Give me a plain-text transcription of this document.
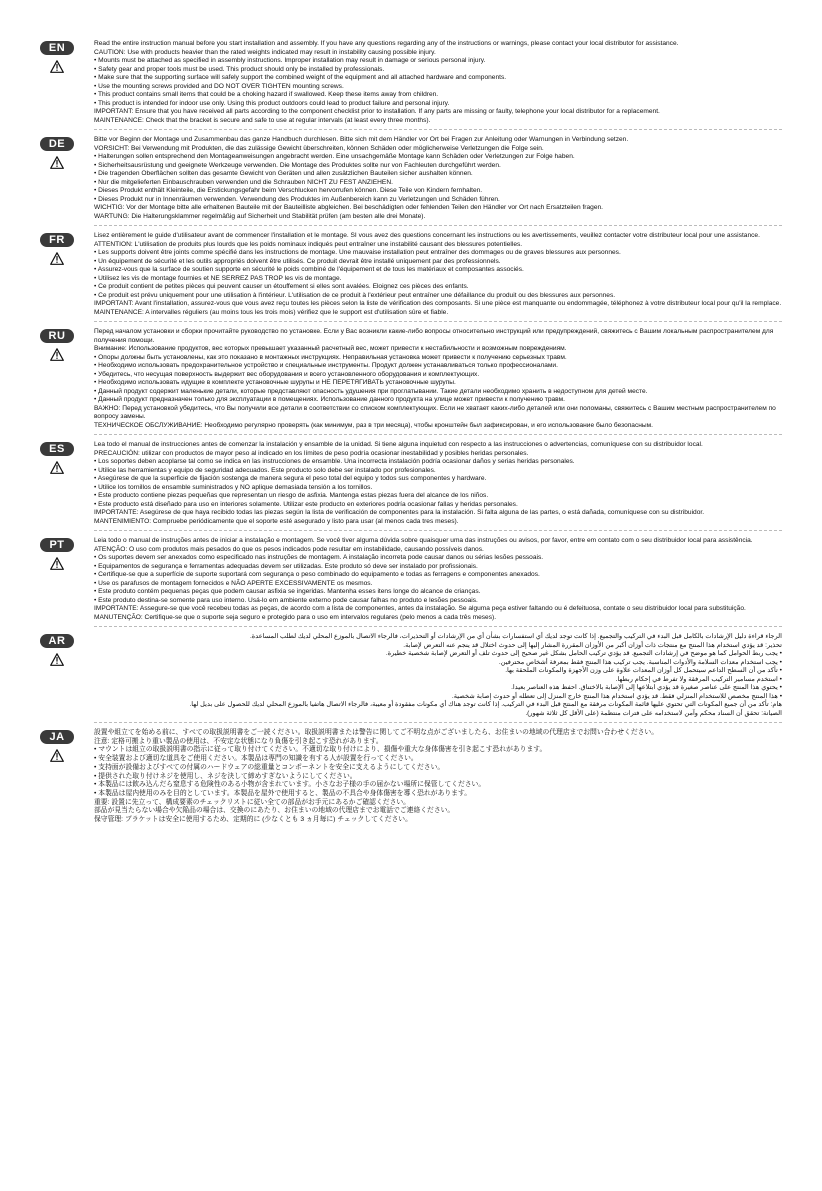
EN	Read the entire instruction manual before you start installation and assembly. If you have any questions regarding any of the instructions or warnings, please contact your local distributor for assistance.
CAUTION: Use with products heavier than the rated weights indicated may result in instability causing possible injury.
• Mounts must be attached as specified in assembly instructions. Improper installation may result in damage or serious personal injury.
• Safety gear and proper tools must be used. This product should only be installed by professionals.
• Make sure that the supporting surface will safely support the combined weight of the equipment and all attached hardware and components.
• Use the mounting screws provided and DO NOT OVER TIGHTEN mounting screws.
• This product contains small items that could be a choking hazard if swallowed. Keep these items away from children.
• This product is intended for indoor use only. Using this product outdoors could lead to product failure and personal injury.
IMPORTANT: Ensure that you have received all parts according to the component checklist prior to installation. If any parts are missing or faulty, telephone your local distributor for a replacement.
MAINTENANCE: Check that the bracket is secure and safe to use at regular intervals (at least every three months).
DE	Bitte vor Beginn der Montage und Zusammenbau das ganze Handbuch durchlesen. Bitte sich mit dem Händler vor Ort bei Fragen zur Anleitung oder Warnungen in Verbindung setzen.
VORSICHT: Bei Verwendung mit Produkten, die das zulässige Gewicht überschreiten, können Schäden oder möglicherweise Verletzungen die Folge sein.
• Halterungen sollen entsprechend den Montageanweisungen angebracht werden. Eine unsachgemäße Montage kann Schäden oder Verletzungen zur Folge haben.
• Sicherheitsausrüstung und geeignete Werkzeuge verwenden. Die Montage des Produktes sollte nur von Fachleuten durchgeführt werden.
• Die tragenden Oberflächen sollten das gesamte Gewicht von Geräten und allen zusätzlichen Bauteilen sicher aushalten können.
• Nur die mitgelieferten Einbauschrauben verwenden und die Schrauben NICHT ZU FEST ANZIEHEN.
• Dieses Produkt enthält Kleinteile, die Erstickungsgefahr beim Verschlucken hervorrufen können. Diese Teile von Kindern fernhalten.
• Dieses Produkt nur in Innenräumen verwenden. Verwendung des Produktes im Außenbereich kann zu Verletzungen und Schäden führen.
WICHTIG: Vor der Montage bitte alle erhaltenen Bauteile mit der Bauteilliste abgleichen. Bei beschädigten oder fehlenden Teilen den Händler vor Ort nach Ersatzteilen fragen.
WARTUNG: Die Halterungsklammer regelmäßig auf Sicherheit und Stabilität prüfen (am besten alle drei Monate).
FR	Lisez entièrement le guide d'utilisateur avant de commencer l'installation et le montage. SI vous avez des questions concernant les instructions ou les avertissements, veuillez contacter votre distributeur local pour une assistance.
ATTENTION: L'utilisation de produits plus lourds que les poids nominaux indiqués peut entraîner une instabilité causant des blessures potentielles.
• Les supports doivent être joints comme spécifié dans les instructions de montage. Une mauvaise installation peut entraîner des dommages ou de graves blessures aux personnes.
• Un équipement de sécurité et les outils appropriés doivent être utilisés. Ce produit devrait être installé uniquement par des professionnels.
• Assurez-vous que la surface de soutien supporte en sécurité le poids combiné de l'équipement et de tous les matériaux et composantes associés.
• Utilisez les vis de montage fournies et NE SERREZ PAS TROP les vis de montage.
• Ce produit contient de petites pièces qui peuvent causer un étouffement si elles sont avalées. Eloignez ces pièces des enfants.
• Ce produit est prévu uniquement pour une utilisation à l'intérieur. L'utilisation de ce produit à l'extérieur peut entraîner une défaillance du produit ou des blessures aux personnes.
IMPORTANT: Avant l'installation, assurez-vous que vous avez reçu toutes les pièces selon la liste de vérification des composants. Si une pièce est manquante ou endommagée, téléphonez à votre distributeur local pour qu'il la remplace.
MAINTENANCE: A intervalles réguliers (au moins tous les trois mois) vérifiez que le support est d'utilisation sûre et fiable.
RU	Перед началом установки и сборки прочитайте руководство по установке. Если у Вас возникли какие-либо вопросы относительно инструкций или предупреждений, свяжитесь с Вашим локальным распространителем для получения помощи.
Внимание: Использование продуктов, вес которых превышает указанный расчетный вес, может привести к нестабильности и возможным повреждениям.
• Опоры должны быть установлены, как это показано в монтажных инструкциях. Неправильная установка может привести к получению серьезных травм.
• Необходимо использовать предохранительное устройство и специальные инструменты. Продукт должен устанавливаться только профессионалами.
• Убедитесь, что несущая поверхность выдержит вес оборудования и всего установленного оборудования и комплектующих.
• Необходимо использовать идущие в комплекте установочные шурупы и НЕ ПЕРЕТЯГИВАТЬ установочные шурупы.
• Данный продукт содержит маленькие детали, которые представляют опасность удушения при проглатывании. Такие детали необходимо хранить в недоступном для детей месте.
• Данный продукт предназначен только для эксплуатации в помещениях. Использование данного продукта на улице может привести к получению травм.
ВАЖНО: Перед установкой убедитесь, что Вы получили все детали в соответствии со списком комплектующих. Если не хватает каких-либо деталей или они поломаны, свяжитесь с Вашим местным распространителем по вопросу замены.
ТЕХНИЧЕСКОЕ ОБСЛУЖИВАНИЕ: Необходимо регулярно проверять (как минимум, раз в три месяца), чтобы кронштейн был зафиксирован, и его использование было безопасным.
ES	Lea todo el manual de instrucciones antes de comenzar la instalación y ensamble de la unidad. Si tiene alguna inquietud con respecto a las instrucciones o advertencias, comuníquese con su distribuidor local.
PRECAUCIÓN: utilizar con productos de mayor peso al indicado en los límites de peso podría ocasionar inestabilidad y posibles heridas personales.
• Los soportes deben acoplarse tal como se indica en las instrucciones de ensamble. Una incorrecta instalación podría ocasionar daños y serias heridas personales.
• Utilice las herramientas y equipo de seguridad adecuados. Este producto solo debe ser instalado por profesionales.
• Asegúrese de que la superficie de fijación sostenga de manera segura el peso total del equipo y todos sus componentes y hardware.
• Utilice los tornillos de ensamble suministrados y NO aplique demasiada tensión a los tornillos.
• Este producto contiene piezas pequeñas que representan un riesgo de asfixia. Mantenga estas piezas fuera del alcance de los niños.
• Este producto está diseñado para uso en interiores solamente. Utilizar este producto en exteriores podría ocasionar fallas y heridas personales.
IMPORTANTE: Asegúrese de que haya recibido todas las piezas según la lista de verificación de componentes para la instalación. Si falta alguna de las partes, o está dañada, comuníquese con su distribuidor.
MANTENIMIENTO: Compruebe periódicamente que el soporte esté asegurado y listo para usar (al menos cada tres meses).
PT	Leia todo o manual de instruções antes de iniciar a instalação e montagem. Se você tiver alguma dúvida sobre quaisquer uma das instruções ou avisos, por favor, entre em contato com o seu distribuidor local para assistência.
ATENÇÃO: O uso com produtos mais pesados do que os pesos indicados pode resultar em instabilidade, causando possíveis danos.
• Os suportes devem ser anexados como especificado nas instruções de montagem. A instalação incorreta pode causar danos ou sérias lesões pessoais.
• Equipamentos de segurança e ferramentas adequadas devem ser utilizadas. Este produto só deve ser instalado por profissionais.
• Certifique-se que a superfície de suporte suportará com segurança o peso combinado do equipamento e todas as ferragens e componentes anexados.
• Use os parafusos de montagem fornecidos e NÃO APERTE EXCESSIVAMENTE os mesmos.
• Este produto contém pequenas peças que podem causar asfixia se ingeridas. Mantenha esses itens longe do alcance de crianças.
• Este produto destina-se somente para uso interno. Usá-lo em ambiente externo pode causar falhas no produto e lesões pessoais.
IMPORTANTE: Assegure-se que você recebeu todas as peças, de acordo com a lista de componentes, antes da instalação. Se alguma peça estiver faltando ou é defeituosa, contate o seu distribuidor local para substituição.
MANUTENÇÃO: Certifique-se que o suporte seja seguro e protegido para o uso em intervalos regulares (pelo menos a cada três meses).
AR	الرجاء قراءة دليل الإرشادات بالكامل قبل البدء في التركيب والتجميع. إذا كانت توجد لديك أي استفسارات بشأن أي من الإرشادات أو التحذيرات، فالرجاء الاتصال بالموزع المحلي لديك لطلب المساعدة.
تحذير: قد يؤدي استخدام هذا المنتج مع منتجات ذات أوزان أكبر من الأوزان المقررة المشار إليها إلى حدوث اختلال قد ينجم عنه التعرض لإصابة.
• يجب ربط الحوامل كما هو موضح في إرشادات التجميع. قد يؤدي تركيب الحامل بشكل غير صحيح إلى حدوث تلف أو التعرض لإصابة شخصية خطيرة.
• يجب استخدام معدات السلامة والأدوات المناسبة. يجب تركيب هذا المنتج فقط بمعرفة أشخاص محترفين.
• تأكد من أن السطح الداعم سيتحمل كل أوزان المعدات علاوة على وزن الأجهزة والمكونات الملحقة بها.
• استخدم مسامير التركيب المرفقة ولا تفرط في إحكام ربطها.
• يحتوي هذا المنتج على عناصر صغيرة قد يؤدي ابتلاعها إلى الإصابة بالاختناق. احفظ هذه العناصر بعيدا.
• هذا المنتج مخصص للاستخدام المنزلي فقط. قد يؤدي استخدام هذا المنتج خارج المنزل إلى تعطله أو حدوث إصابة شخصية.
هام: تأكد من أن جميع المكونات التي تحتوي عليها قائمة المكونات مرفقة مع المنتج قبل البدء في التركيب. إذا كانت توجد هناك أي مكونات مفقودة أو معيبة، فالرجاء الاتصال هاتفيا بالموزع المحلي لديك للحصول على بديل لها.
الصيانة: تحقق أن السناد محكم وآمن لاستخدامه على فترات منتظمة (على الأقل كل ثلاثة شهور).
JA	設置や組立てを始める前に、すべての取扱説明書をご一読ください。取扱説明書または警告に関してご不明な点がございましたら、お住まいの地域の代理店までお問い合わせください。
注意: 定格可搬より重い製品の使用は、不安定な状態になり負傷を引き起こす恐れがあります。
• マウントは組立の取扱説明書の指示に従って取り付けてください。不適切な取り付けにより、損傷や重大な身体傷害を引き起こす恐れがあります。
• 安全装置および適切な道具をご使用ください。本製品は専門の知識を有する人が設置を行ってください。
• 支持面が設備およびすべての付属のハードウェアの総重量とコンポーネントを安全に支えるようにしてください。
• 提供された取り付けネジを使用し、ネジを決して締めすぎないようにしてください。
• 本製品には飲み込んだら窒息する危険性のある小物が含まれています。小さなお子様の手の届かない場所に保管してください。
• 本製品は屋内使用のみを目的としています。本製品を屋外で使用すると、製品の不具合や身体傷害を導く恐れがあります。
重要: 設置に先立って、構成要素のチェックリストに従い全ての部品がお手元にあるかご確認ください。
部品が見当たらない場合や欠陥品の場合は、交換のにあたり、お住まいの地域の代理店までお電話でご連絡ください。
保守管理: ブラケットは安全に使用するため、定期的に (少なくとも 3 ヵ月毎に) チェックしてください。
